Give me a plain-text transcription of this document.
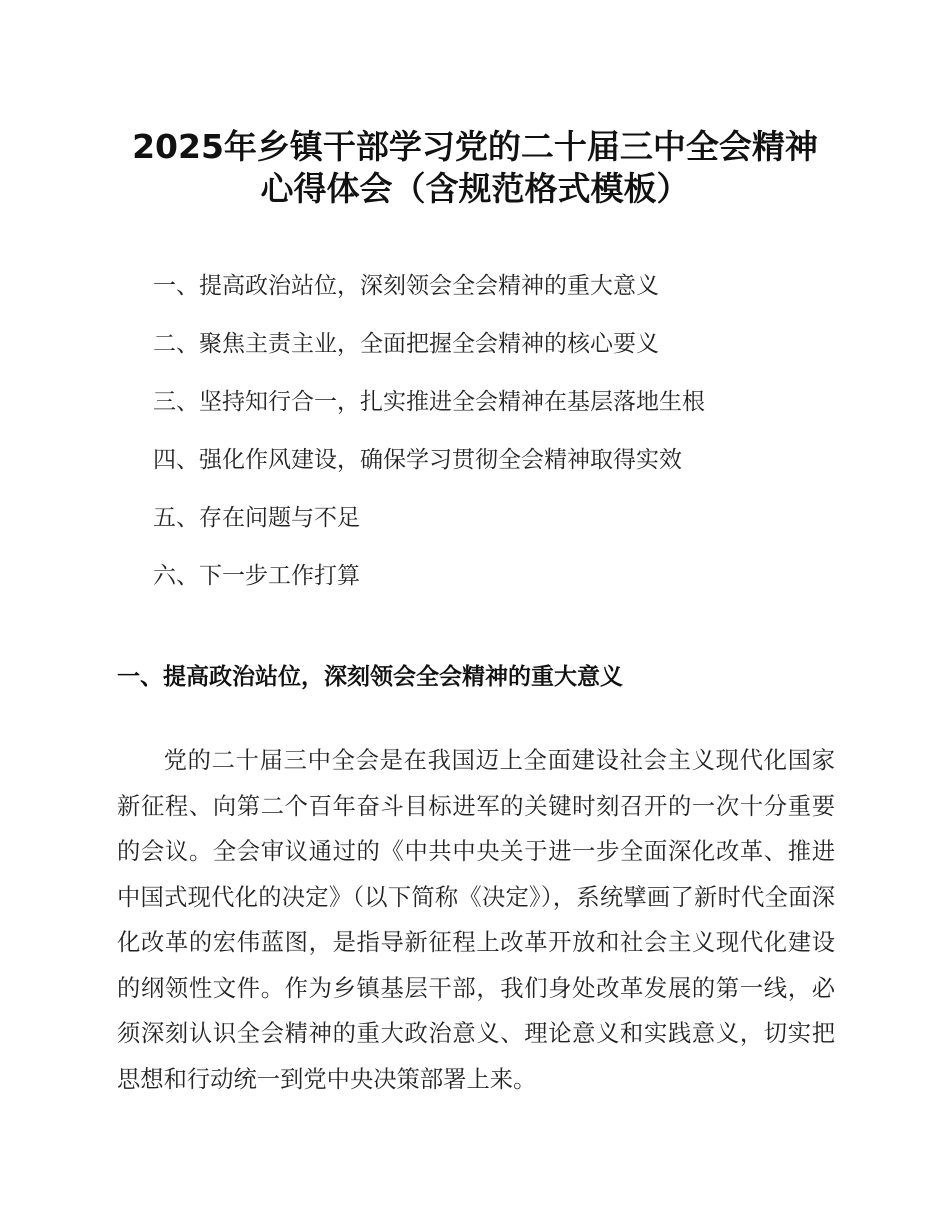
2025年乡镇干部学习党的二十届三中全会精神
心得体会（含规范格式模板）
一、提高政治站位，深刻领会全会精神的重大意义
二、聚焦主责主业，全面把握全会精神的核心要义
三、坚持知行合一，扎实推进全会精神在基层落地生根
四、强化作风建设，确保学习贯彻全会精神取得实效
五、存在问题与不足
六、下一步工作打算
一、提高政治站位，深刻领会全会精神的重大意义

党的二十届三中全会是在我国迈上全面建设社会主义现代化国家新征程、向第二个百年奋斗目标进军的关键时刻召开的一次十分重要的会议。全会审议通过的《中共中央关于进一步全面深化改革、推进中国式现代化的决定》（以下简称《决定》），系统擘画了新时代全面深化改革的宏伟蓝图，是指导新征程上改革开放和社会主义现代化建设的纲领性文件。作为乡镇基层干部，我们身处改革发展的第一线，必须深刻认识全会精神的重大政治意义、理论意义和实践意义，切实把思想和行动统一到党中央决策部署上来。
